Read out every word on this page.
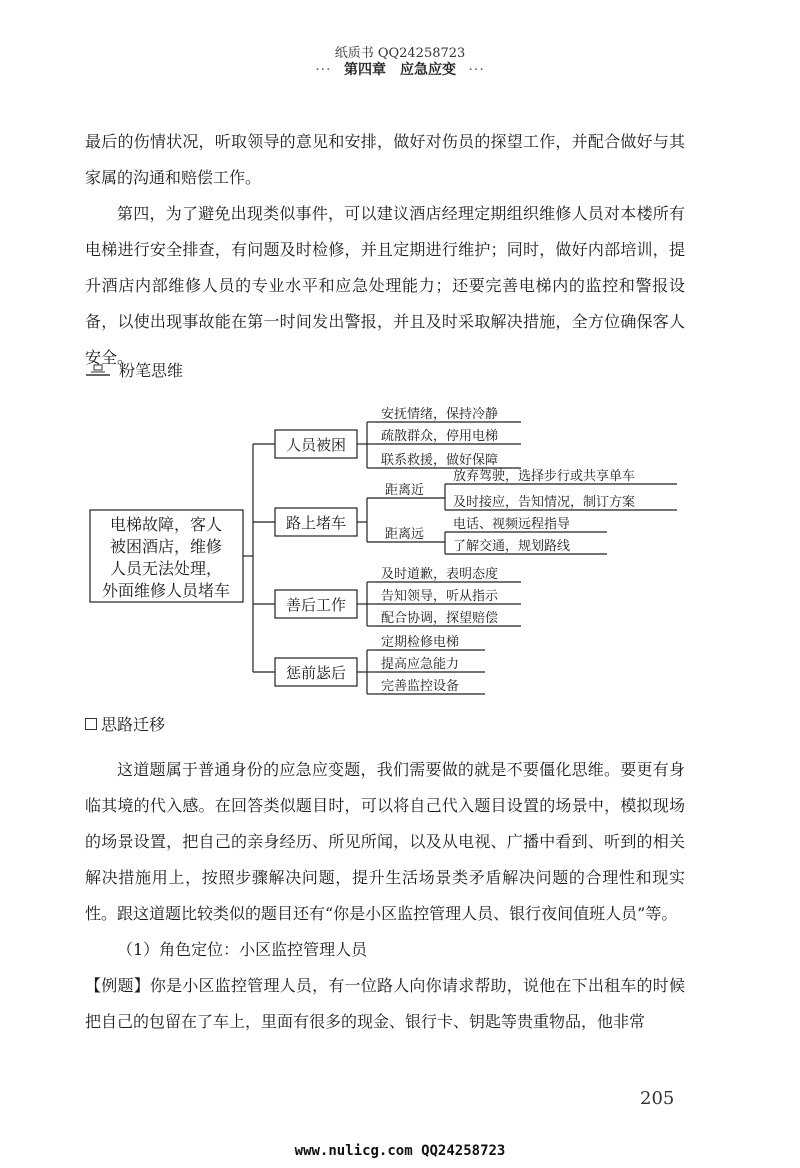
纸质书 QQ24258723
··· 第四章　应急应变 ···

最后的伤情状况，听取领导的意见和安排，做好对伤员的探望工作，并配合做好与其家属的沟通和赔偿工作。

第四，为了避免出现类似事件，可以建议酒店经理定期组织维修人员对本楼所有电梯进行安全排查，有问题及时检修，并且定期进行维护；同时，做好内部培训，提升酒店内部维修人员的专业水平和应急处理能力；还要完善电梯内的监控和警报设备，以使出现事故能在第一时间发出警报，并且及时采取解决措施，全方位确保客人安全。

粉笔思维
电梯故障，客人
被困酒店，维修
人员无法处理，
外面维修人员堵车
人员被困
路上堵车
善后工作
惩前毖后
安抚情绪，保持冷静
疏散群众，停用电梯
联系救援，做好保障
距离近
距离远
放弃驾驶，选择步行或共享单车
及时接应，告知情况，制订方案
电话、视频远程指导
了解交通，规划路线
及时道歉，表明态度
告知领导，听从指示
配合协调，探望赔偿
定期检修电梯
提高应急能力
完善监控设备
思路迁移

这道题属于普通身份的应急应变题，我们需要做的就是不要僵化思维。要更有身临其境的代入感。在回答类似题目时，可以将自己代入题目设置的场景中，模拟现场的场景设置，把自己的亲身经历、所见所闻，以及从电视、广播中看到、听到的相关解决措施用上，按照步骤解决问题，提升生活场景类矛盾解决问题的合理性和现实性。跟这道题比较类似的题目还有“你是小区监控管理人员、银行夜间值班人员”等。

（1）角色定位：小区监控管理人员

【例题】你是小区监控管理人员，有一位路人向你请求帮助，说他在下出租车的时候把自己的包留在了车上，里面有很多的现金、银行卡、钥匙等贵重物品，他非常

205
www.nulicg.com QQ24258723
